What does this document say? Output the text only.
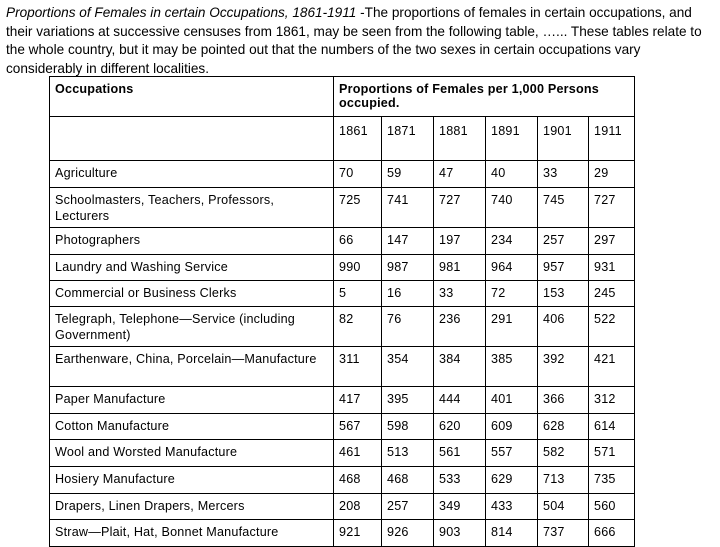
Proportions of Females in certain Occupations, 1861-1911 -The proportions of females in certain occupations, and their variations at successive censuses from 1861, may be seen from the following table, …... These tables relate to the whole country, but it may be pointed out that the numbers of the two sexes in certain occupations vary considerably in different localities.
Occupations	Proportions of Females per 1,000 Persons occupied.					
	1861	1871	1881	1891	1901	1911
Agriculture	70	59	47	40	33	29
Schoolmasters, Teachers, Professors, Lecturers	725	741	727	740	745	727
Photographers	66	147	197	234	257	297
Laundry and Washing Service	990	987	981	964	957	931
Commercial or Business Clerks	5	16	33	72	153	245
Telegraph, Telephone—Service (including Government)	82	76	236	291	406	522
Earthenware, China, Porcelain—Manufacture	311	354	384	385	392	421
Paper Manufacture	417	395	444	401	366	312
Cotton Manufacture	567	598	620	609	628	614
Wool and Worsted Manufacture	461	513	561	557	582	571
Hosiery Manufacture	468	468	533	629	713	735
Drapers, Linen Drapers, Mercers	208	257	349	433	504	560
Straw—Plait, Hat, Bonnet Manufacture	921	926	903	814	737	666
